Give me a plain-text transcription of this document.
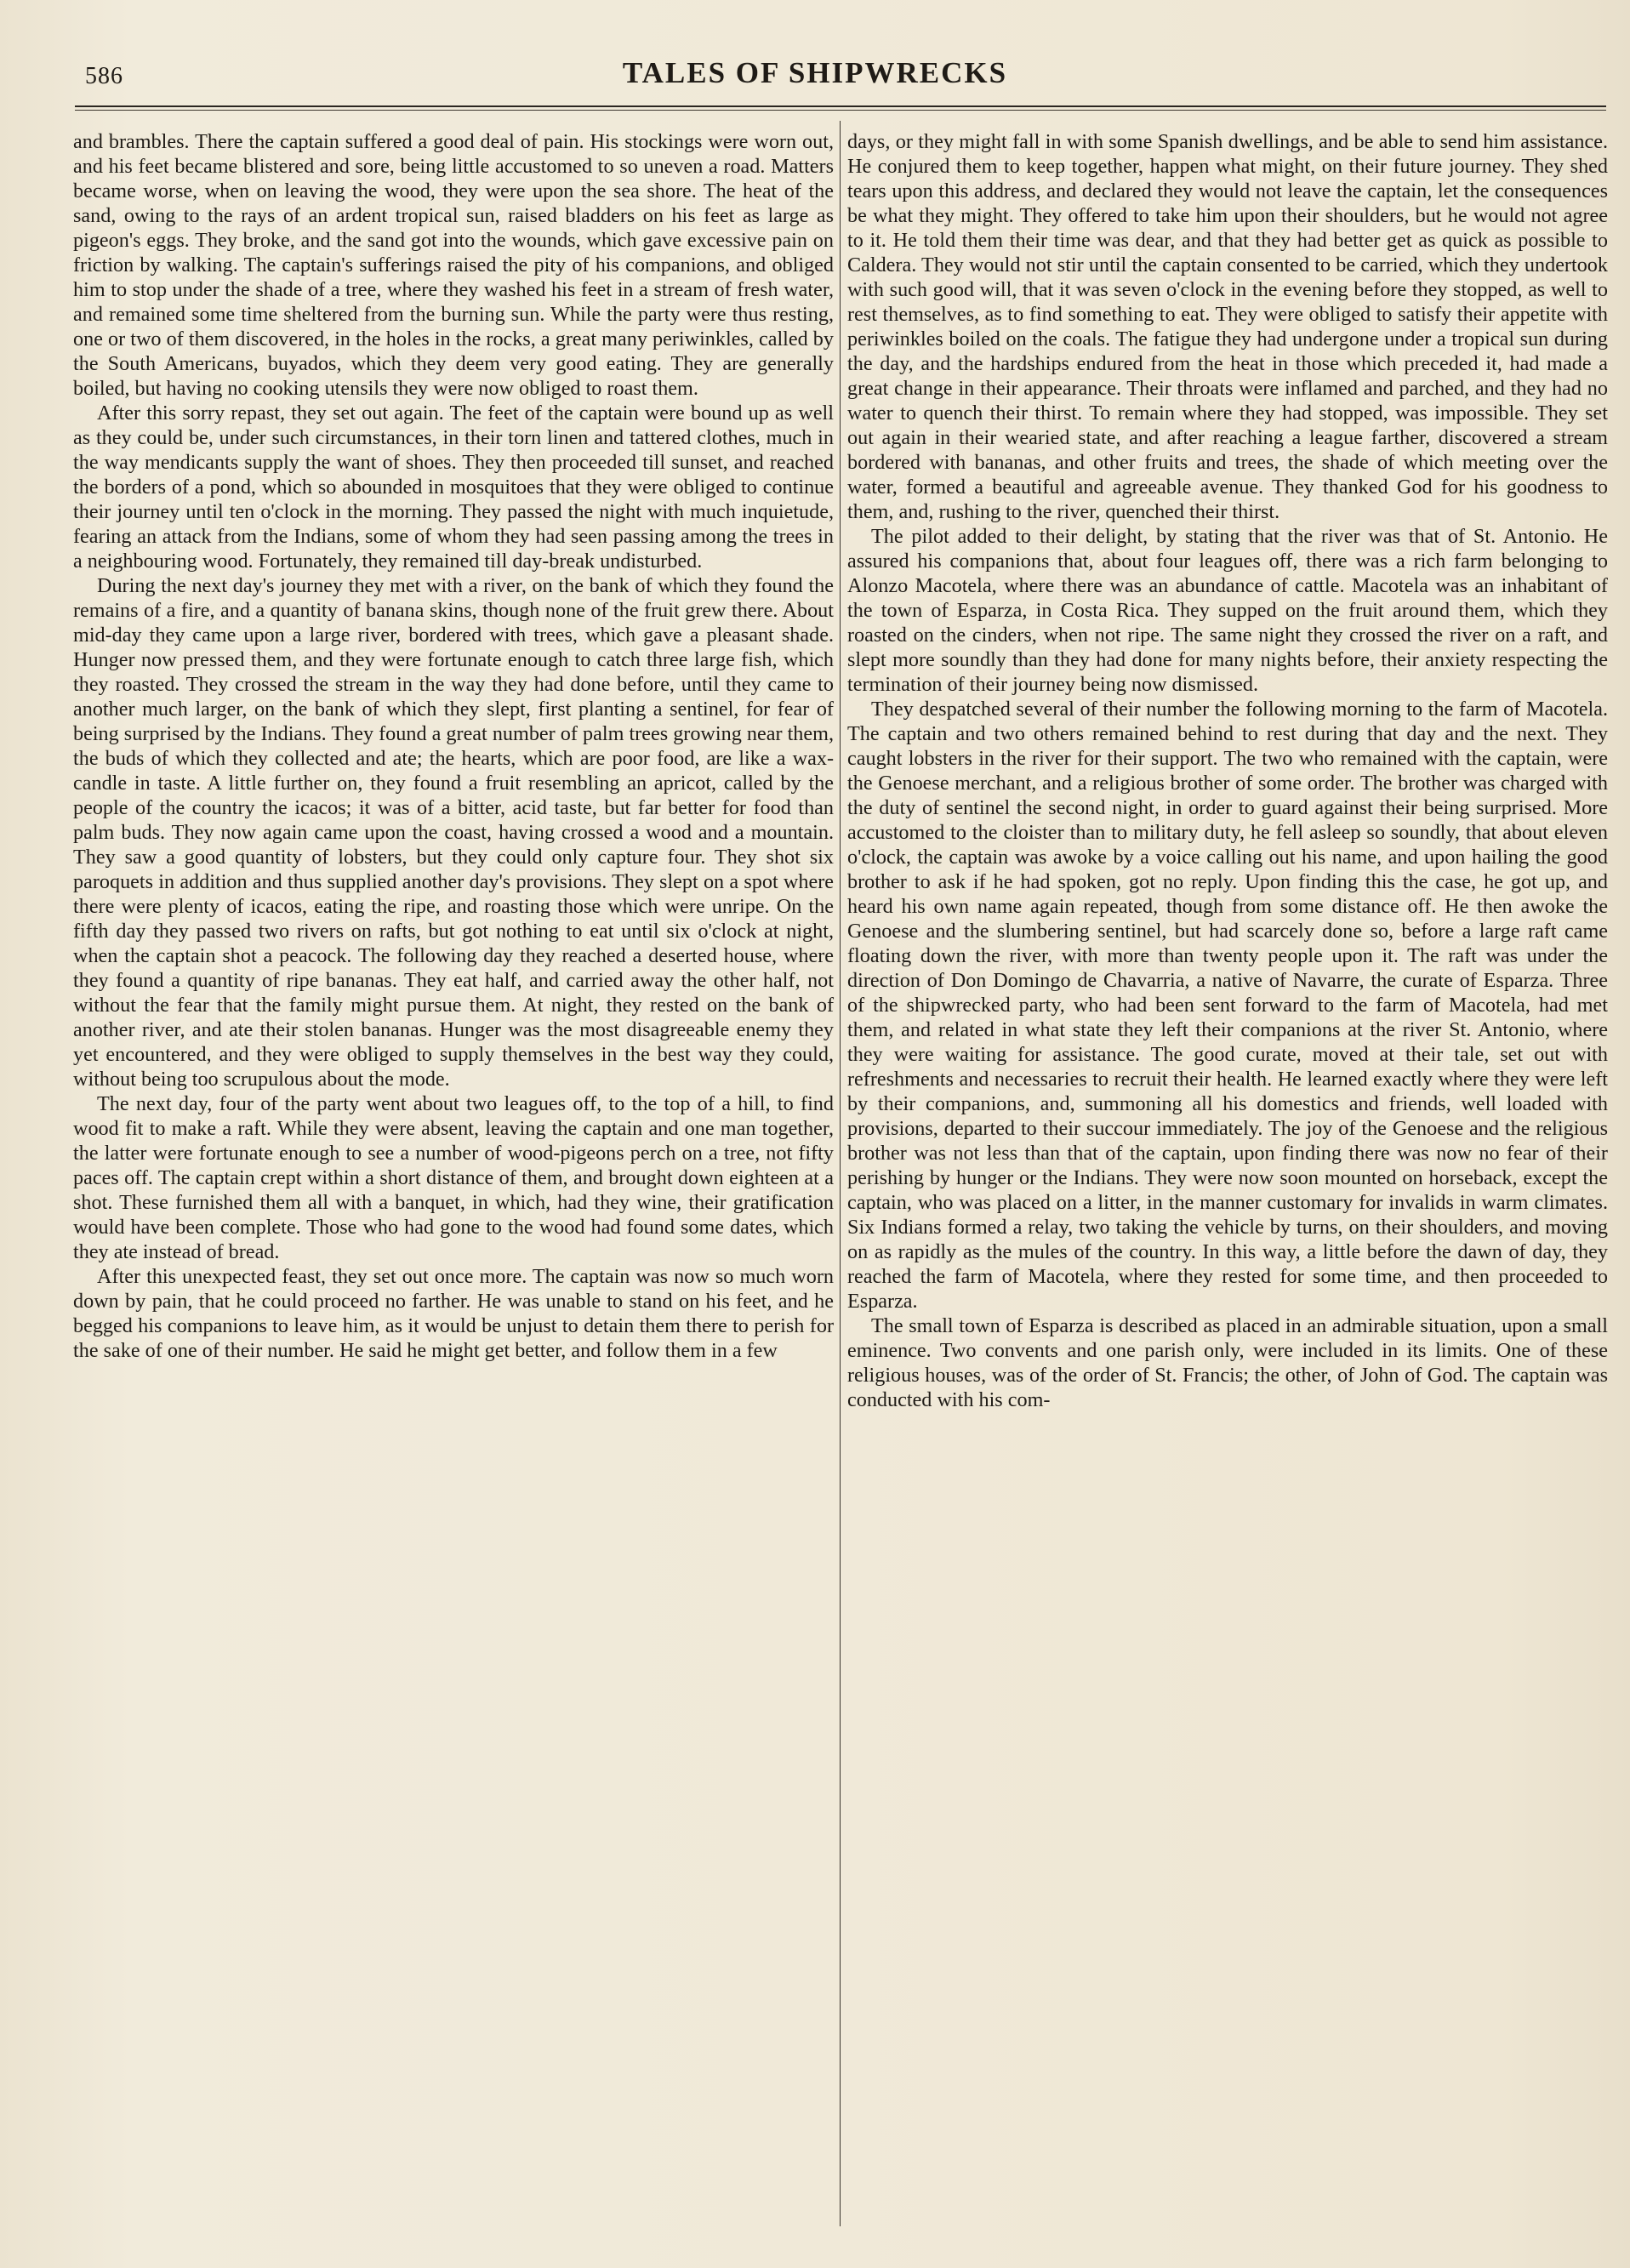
586	TALES OF SHIPWRECKS

and brambles. There the captain suffered a good deal of pain. His stockings were worn out, and his feet became blistered and sore, being little accustomed to so uneven a road. Matters became worse, when on leaving the wood, they were upon the sea shore. The heat of the sand, owing to the rays of an ardent tropical sun, raised bladders on his feet as large as pigeon's eggs. They broke, and the sand got into the wounds, which gave excessive pain on friction by walking. The captain's sufferings raised the pity of his companions, and obliged him to stop under the shade of a tree, where they washed his feet in a stream of fresh water, and remained some time sheltered from the burning sun. While the party were thus resting, one or two of them discovered, in the holes in the rocks, a great many periwinkles, called by the South Americans, buyados, which they deem very good eating. They are generally boiled, but having no cooking utensils they were now obliged to roast them.

After this sorry repast, they set out again. The feet of the captain were bound up as well as they could be, under such circumstances, in their torn linen and tattered clothes, much in the way mendicants supply the want of shoes. They then proceeded till sunset, and reached the borders of a pond, which so abounded in mosquitoes that they were obliged to continue their journey until ten o'clock in the morning. They passed the night with much inquietude, fearing an attack from the Indians, some of whom they had seen passing among the trees in a neighbouring wood. Fortunately, they remained till day-break undisturbed.

During the next day's journey they met with a river, on the bank of which they found the remains of a fire, and a quantity of banana skins, though none of the fruit grew there. About mid-day they came upon a large river, bordered with trees, which gave a pleasant shade. Hunger now pressed them, and they were fortunate enough to catch three large fish, which they roasted. They crossed the stream in the way they had done before, until they came to another much larger, on the bank of which they slept, first planting a sentinel, for fear of being surprised by the Indians. They found a great number of palm trees growing near them, the buds of which they collected and ate; the hearts, which are poor food, are like a wax-candle in taste. A little further on, they found a fruit resembling an apricot, called by the people of the country the icacos; it was of a bitter, acid taste, but far better for food than palm buds. They now again came upon the coast, having crossed a wood and a mountain. They saw a good quantity of lobsters, but they could only capture four. They shot six paroquets in addition and thus supplied another day's provisions. They slept on a spot where there were plenty of icacos, eating the ripe, and roasting those which were unripe. On the fifth day they passed two rivers on rafts, but got nothing to eat until six o'clock at night, when the captain shot a peacock. The following day they reached a deserted house, where they found a quantity of ripe bananas. They eat half, and carried away the other half, not without the fear that the family might pursue them. At night, they rested on the bank of another river, and ate their stolen bananas. Hunger was the most disagreeable enemy they yet encountered, and they were obliged to supply themselves in the best way they could, without being too scrupulous about the mode.

The next day, four of the party went about two leagues off, to the top of a hill, to find wood fit to make a raft. While they were absent, leaving the captain and one man together, the latter were fortunate enough to see a number of wood-pigeons perch on a tree, not fifty paces off. The captain crept within a short distance of them, and brought down eighteen at a shot. These furnished them all with a banquet, in which, had they wine, their gratification would have been complete. Those who had gone to the wood had found some dates, which they ate instead of bread.

After this unexpected feast, they set out once more. The captain was now so much worn down by pain, that he could proceed no farther. He was unable to stand on his feet, and he begged his companions to leave him, as it would be unjust to detain them there to perish for the sake of one of their number. He said he might get better, and follow them in a few

days, or they might fall in with some Spanish dwellings, and be able to send him assistance. He conjured them to keep together, happen what might, on their future journey. They shed tears upon this address, and declared they would not leave the captain, let the consequences be what they might. They offered to take him upon their shoulders, but he would not agree to it. He told them their time was dear, and that they had better get as quick as possible to Caldera. They would not stir until the captain consented to be carried, which they undertook with such good will, that it was seven o'clock in the evening before they stopped, as well to rest themselves, as to find something to eat. They were obliged to satisfy their appetite with periwinkles boiled on the coals. The fatigue they had undergone under a tropical sun during the day, and the hardships endured from the heat in those which preceded it, had made a great change in their appearance. Their throats were inflamed and parched, and they had no water to quench their thirst. To remain where they had stopped, was impossible. They set out again in their wearied state, and after reaching a league farther, discovered a stream bordered with bananas, and other fruits and trees, the shade of which meeting over the water, formed a beautiful and agreeable avenue. They thanked God for his goodness to them, and, rushing to the river, quenched their thirst.

The pilot added to their delight, by stating that the river was that of St. Antonio. He assured his companions that, about four leagues off, there was a rich farm belonging to Alonzo Macotela, where there was an abundance of cattle. Macotela was an inhabitant of the town of Esparza, in Costa Rica. They supped on the fruit around them, which they roasted on the cinders, when not ripe. The same night they crossed the river on a raft, and slept more soundly than they had done for many nights before, their anxiety respecting the termination of their journey being now dismissed.

They despatched several of their number the following morning to the farm of Macotela. The captain and two others remained behind to rest during that day and the next. They caught lobsters in the river for their support. The two who remained with the captain, were the Genoese merchant, and a religious brother of some order. The brother was charged with the duty of sentinel the second night, in order to guard against their being surprised. More accustomed to the cloister than to military duty, he fell asleep so soundly, that about eleven o'clock, the captain was awoke by a voice calling out his name, and upon hailing the good brother to ask if he had spoken, got no reply. Upon finding this the case, he got up, and heard his own name again repeated, though from some distance off. He then awoke the Genoese and the slumbering sentinel, but had scarcely done so, before a large raft came floating down the river, with more than twenty people upon it. The raft was under the direction of Don Domingo de Chavarria, a native of Navarre, the curate of Esparza. Three of the shipwrecked party, who had been sent forward to the farm of Macotela, had met them, and related in what state they left their companions at the river St. Antonio, where they were waiting for assistance. The good curate, moved at their tale, set out with refreshments and necessaries to recruit their health. He learned exactly where they were left by their companions, and, summoning all his domestics and friends, well loaded with provisions, departed to their succour immediately. The joy of the Genoese and the religious brother was not less than that of the captain, upon finding there was now no fear of their perishing by hunger or the Indians. They were now soon mounted on horseback, except the captain, who was placed on a litter, in the manner customary for invalids in warm climates. Six Indians formed a relay, two taking the vehicle by turns, on their shoulders, and moving on as rapidly as the mules of the country. In this way, a little before the dawn of day, they reached the farm of Macotela, where they rested for some time, and then proceeded to Esparza.

The small town of Esparza is described as placed in an admirable situation, upon a small eminence. Two convents and one parish only, were included in its limits. One of these religious houses, was of the order of St. Francis; the other, of John of God. The captain was conducted with his com-
